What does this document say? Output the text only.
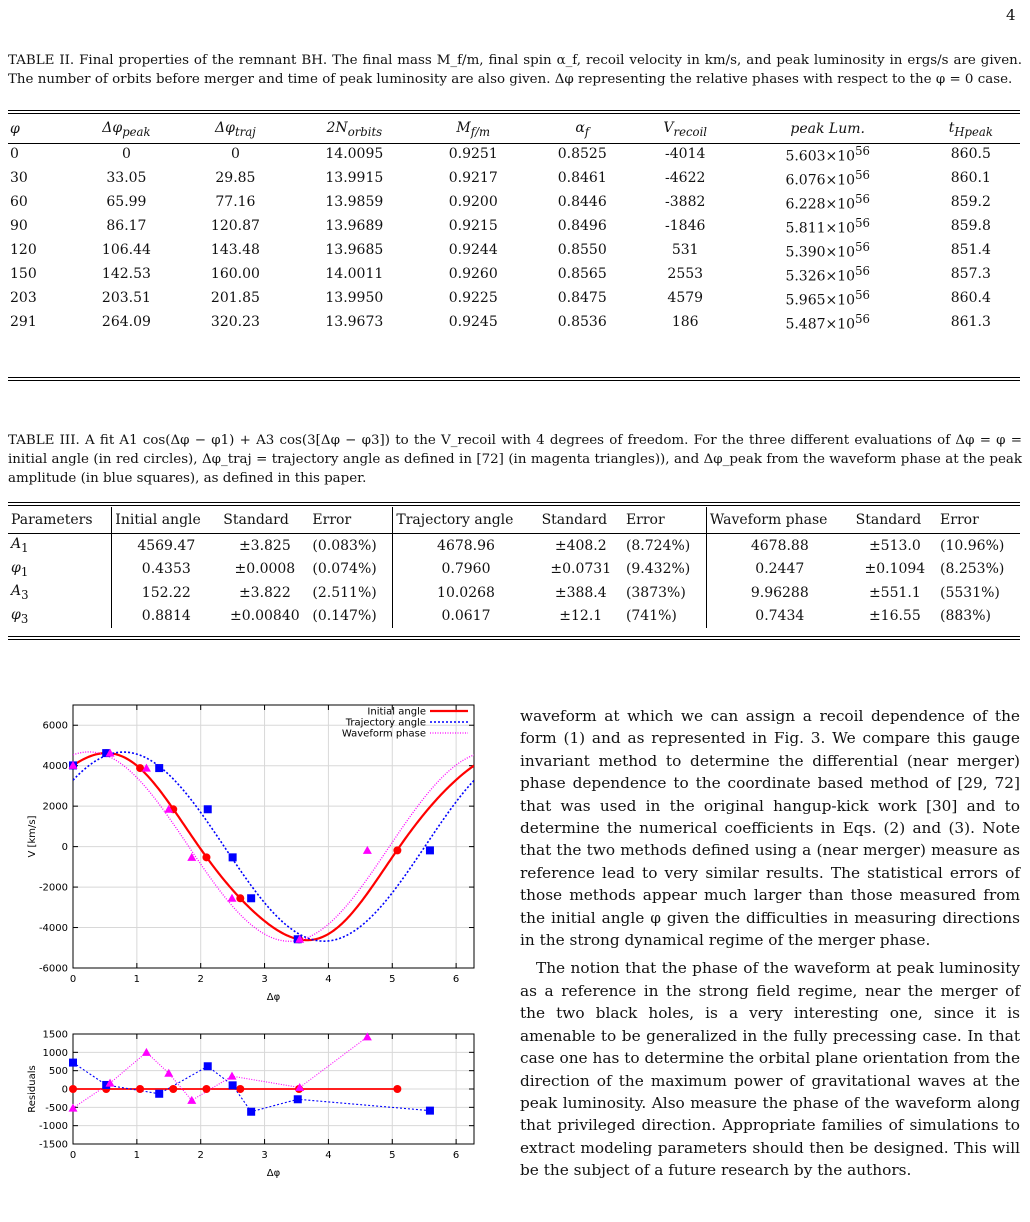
4
TABLE II. Final properties of the remnant BH. The final mass M_f/m, final spin α_f, recoil velocity in km/s, and peak luminosity in ergs/s are given. The number of orbits before merger and time of peak luminosity are also given. Δφ representing the relative phases with respect to the φ = 0 case.
φ	$\Delta\varphi_{peak}$	$\Delta\varphi_{traj}$	$2N_{orbits}$	$M_{f/m}$	$\alpha_f$	$V_{recoil}$	peak Lum.	$t_{Hpeak}$
0	0	0	14.0095	0.9251	0.8525	-4014	$5.603\times 10^{56}$	860.5
30	33.05	29.85	13.9915	0.9217	0.8461	-4622	$6.076\times 10^{56}$	860.1
60	65.99	77.16	13.9859	0.9200	0.8446	-3882	$6.228\times 10^{56}$	859.2
90	86.17	120.87	13.9689	0.9215	0.8496	-1846	$5.811\times 10^{56}$	859.8
120	106.44	143.48	13.9685	0.9244	0.8550	531	$5.390\times 10^{56}$	851.4
150	142.53	160.00	14.0011	0.9260	0.8565	2553	$5.326\times 10^{56}$	857.3
203	203.51	201.85	13.9950	0.9225	0.8475	4579	$5.965\times 10^{56}$	860.4
291	264.09	320.23	13.9673	0.9245	0.8536	186	$5.487\times 10^{56}$	861.3
TABLE III. A fit A1 cos(Δφ − φ1) + A3 cos(3[Δφ − φ3]) to the V_recoil with 4 degrees of freedom. For the three different evaluations of Δφ = φ = initial angle (in red circles), Δφ_traj = trajectory angle as defined in [72] (in magenta triangles)), and Δφ_peak from the waveform phase at the peak amplitude (in blue squares), as defined in this paper.
Parameters	Initial angle	Standard	Error	Trajectory angle	Standard	Error	Waveform phase	Standard	Error
$A_1$	4569.47	±3.825	(0.083%)	4678.96	±408.2	(8.724%)	4678.88	±513.0	(10.96%)
$\varphi_1$	0.4353	±0.0008	(0.074%)	0.7960	±0.0731	(9.432%)	0.2447	±0.1094	(8.253%)
$A_3$	152.22	±3.822	(2.511%)	10.0268	±388.4	(3873%)	9.96288	±551.1	(5531%)
$\varphi_3$	0.8814	±0.00840	(0.147%)	0.0617	±12.1	(741%)	0.7434	±16.55	(883%)
0	1	2	3	4	5	6
-6000
-4000
-2000
0
2000
4000
6000
Δφ
V [km/s]
Initial angle
Trajectory angle
Waveform phase
0	1	2	3	4	5	6
-1500
-1000
-500
0
500
1000
1500
Δφ
Residuals

waveform at which we can assign a recoil dependence of the form (1) and as represented in Fig. 3. We compare this gauge invariant method to determine the differential (near merger) phase dependence to the coordinate based method of [29, 72] that was used in the original hangup-kick work [30] and to determine the numerical coefficients in Eqs. (2) and (3). Note that the two methods defined using a (near merger) measure as reference lead to very similar results. The statistical errors of those methods appear much larger than those measured from the initial angle φ given the difficulties in measuring directions in the strong dynamical regime of the merger phase.

The notion that the phase of the waveform at peak luminosity as a reference in the strong field regime, near the merger of the two black holes, is a very interesting one, since it is amenable to be generalized in the fully precessing case. In that case one has to determine the orbital plane orientation from the direction of the maximum power of gravitational waves at the peak luminosity. Also measure the phase of the waveform along that privileged direction. Appropriate families of simulations to extract modeling parameters should then be designed. This will be the subject of a future research by the authors.
